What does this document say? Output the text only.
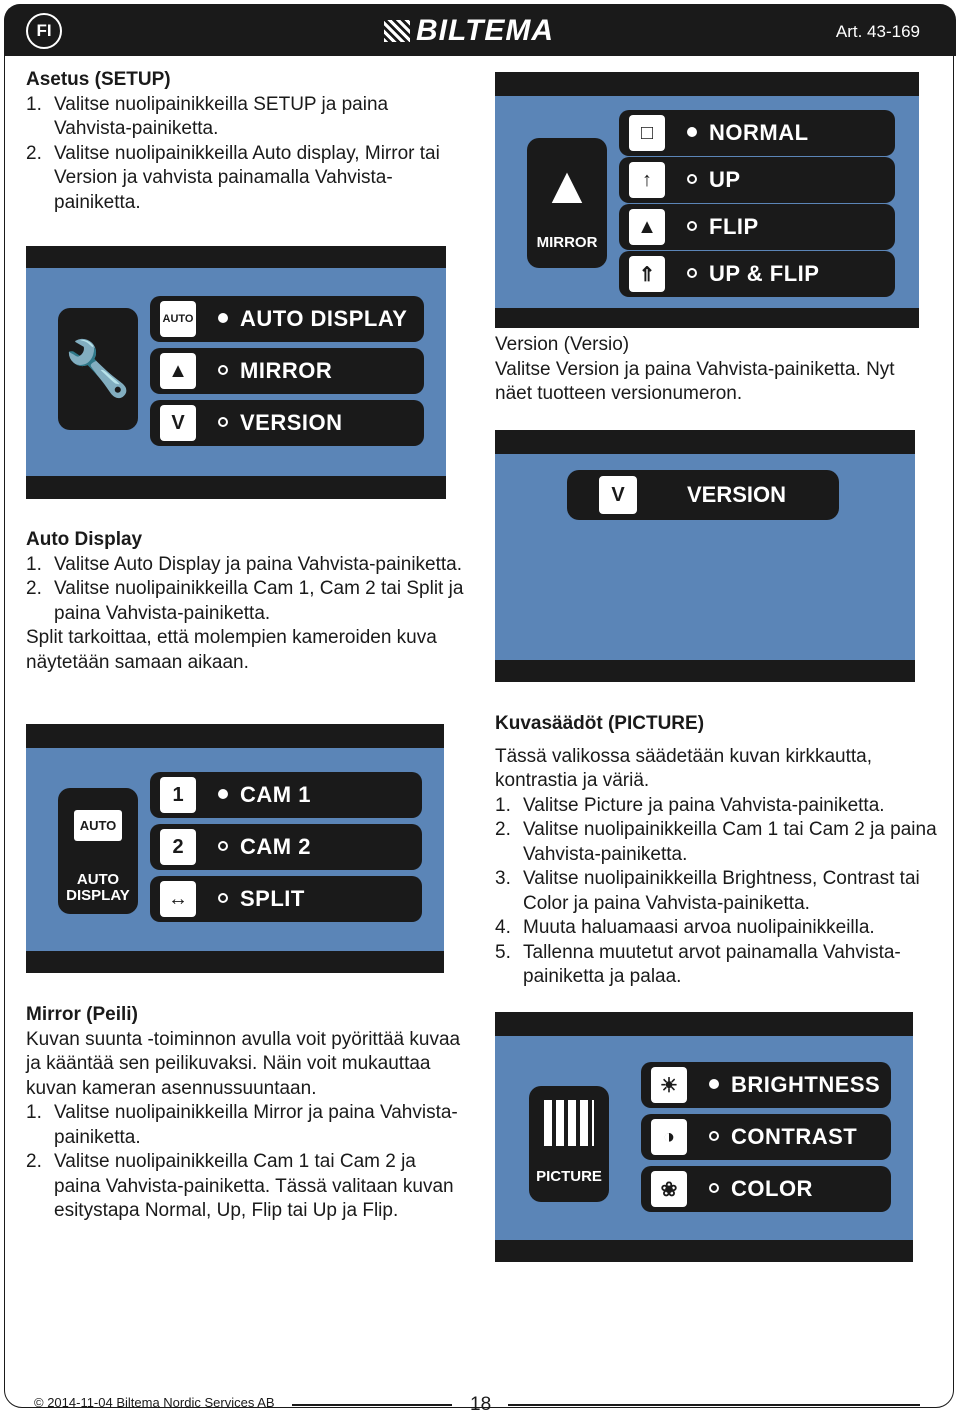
FI	BILTEMA	Art. 43-169
Asetus (SETUP)
1. Valitse nuolipainikkeilla SETUP ja paina Vahvista-painiketta.
2. Valitse nuolipainikkeilla Auto display, Mirror tai Version ja vahvista painamalla Vahvista-painiketta.
🔧
AUTO AUTO DISPLAY
▲	MIRROR
V	VERSION
▲
MIRROR
□	NORMAL
↑	UP
▲	FLIP
⇑	UP & FLIP
Version (Versio)

Valitse Version ja paina Vahvista-painiketta. Nyt näet tuotteen versionumeron.

V	VERSION
Auto Display
1. Valitse Auto Display ja paina Vahvista-painiketta.
2. Valitse nuolipainikkeilla Cam 1, Cam 2 tai Split ja paina Vahvista-painiketta.

Split tarkoittaa, että molempien kameroiden kuva näytetään samaan aikaan.

AUTO
AUTO
DISPLAY
1	CAM 1
2	CAM 2
↔	SPLIT
Mirror (Peili)

Kuvan suunta -toiminnon avulla voit pyörittää kuvaa ja kääntää sen peilikuvaksi. Näin voit mukauttaa kuvan kameran asennussuuntaan.

1. Valitse nuolipainikkeilla Mirror ja paina Vahvista-painiketta.
2. Valitse nuolipainikkeilla Cam 1 tai Cam 2 ja paina Vahvista-painiketta. Tässä valitaan kuvan esitystapa Normal, Up, Flip tai Up ja Flip.
Kuvasäädöt (PICTURE)

Tässä valikossa säädetään kuvan kirkkautta, kontrastia ja väriä.

1. Valitse Picture ja paina Vahvista-painiketta.
2. Valitse nuolipainikkeilla Cam 1 tai Cam 2 ja paina Vahvista-painiketta.
3. Valitse nuolipainikkeilla Brightness, Contrast tai Color ja paina Vahvista-painiketta.
4. Muuta haluamaasi arvoa nuolipainikkeilla.
5. Tallenna muutetut arvot painamalla Vahvista-painiketta ja palaa.
PICTURE
☀	BRIGHTNESS
◑	CONTRAST
❀	COLOR
© 2014-11-04 Biltema Nordic Services AB	18
